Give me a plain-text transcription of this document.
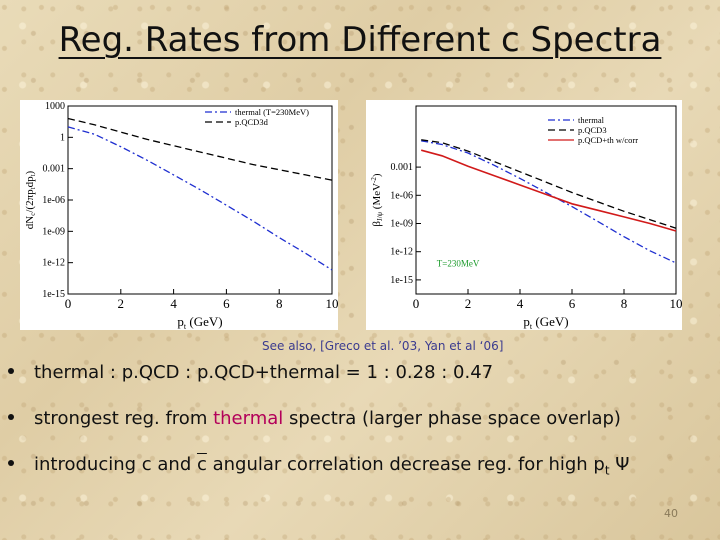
Reg. Rates from Different c Spectra
0	2	4	6	8	10
1000
1
0.001
1e-06
1e-09
1e-12
1e-15
thermal (T=230MeV)
p.QCD3d
$p_t$ (GeV)
dNc/(2πptdpt)
0	2	4	6	8	10
0.001
1e-06
1e-09
1e-12
1e-15
thermal
p.QCD3
p.QCD+th w/corr
$p_t$ (GeV)
βJ/ψ (MeV$^{-2}$)
T=230MeV
See also, [Greco et al. ’03, Yan et al ‘06]
thermal : p.QCD : p.QCD+thermal = 1 : 0.28 : 0.47
strongest reg. from thermal spectra (larger phase space overlap)
introducing c and $\overline{c}$ angular correlation decrease reg. for high $p_t$ Ψ
40
